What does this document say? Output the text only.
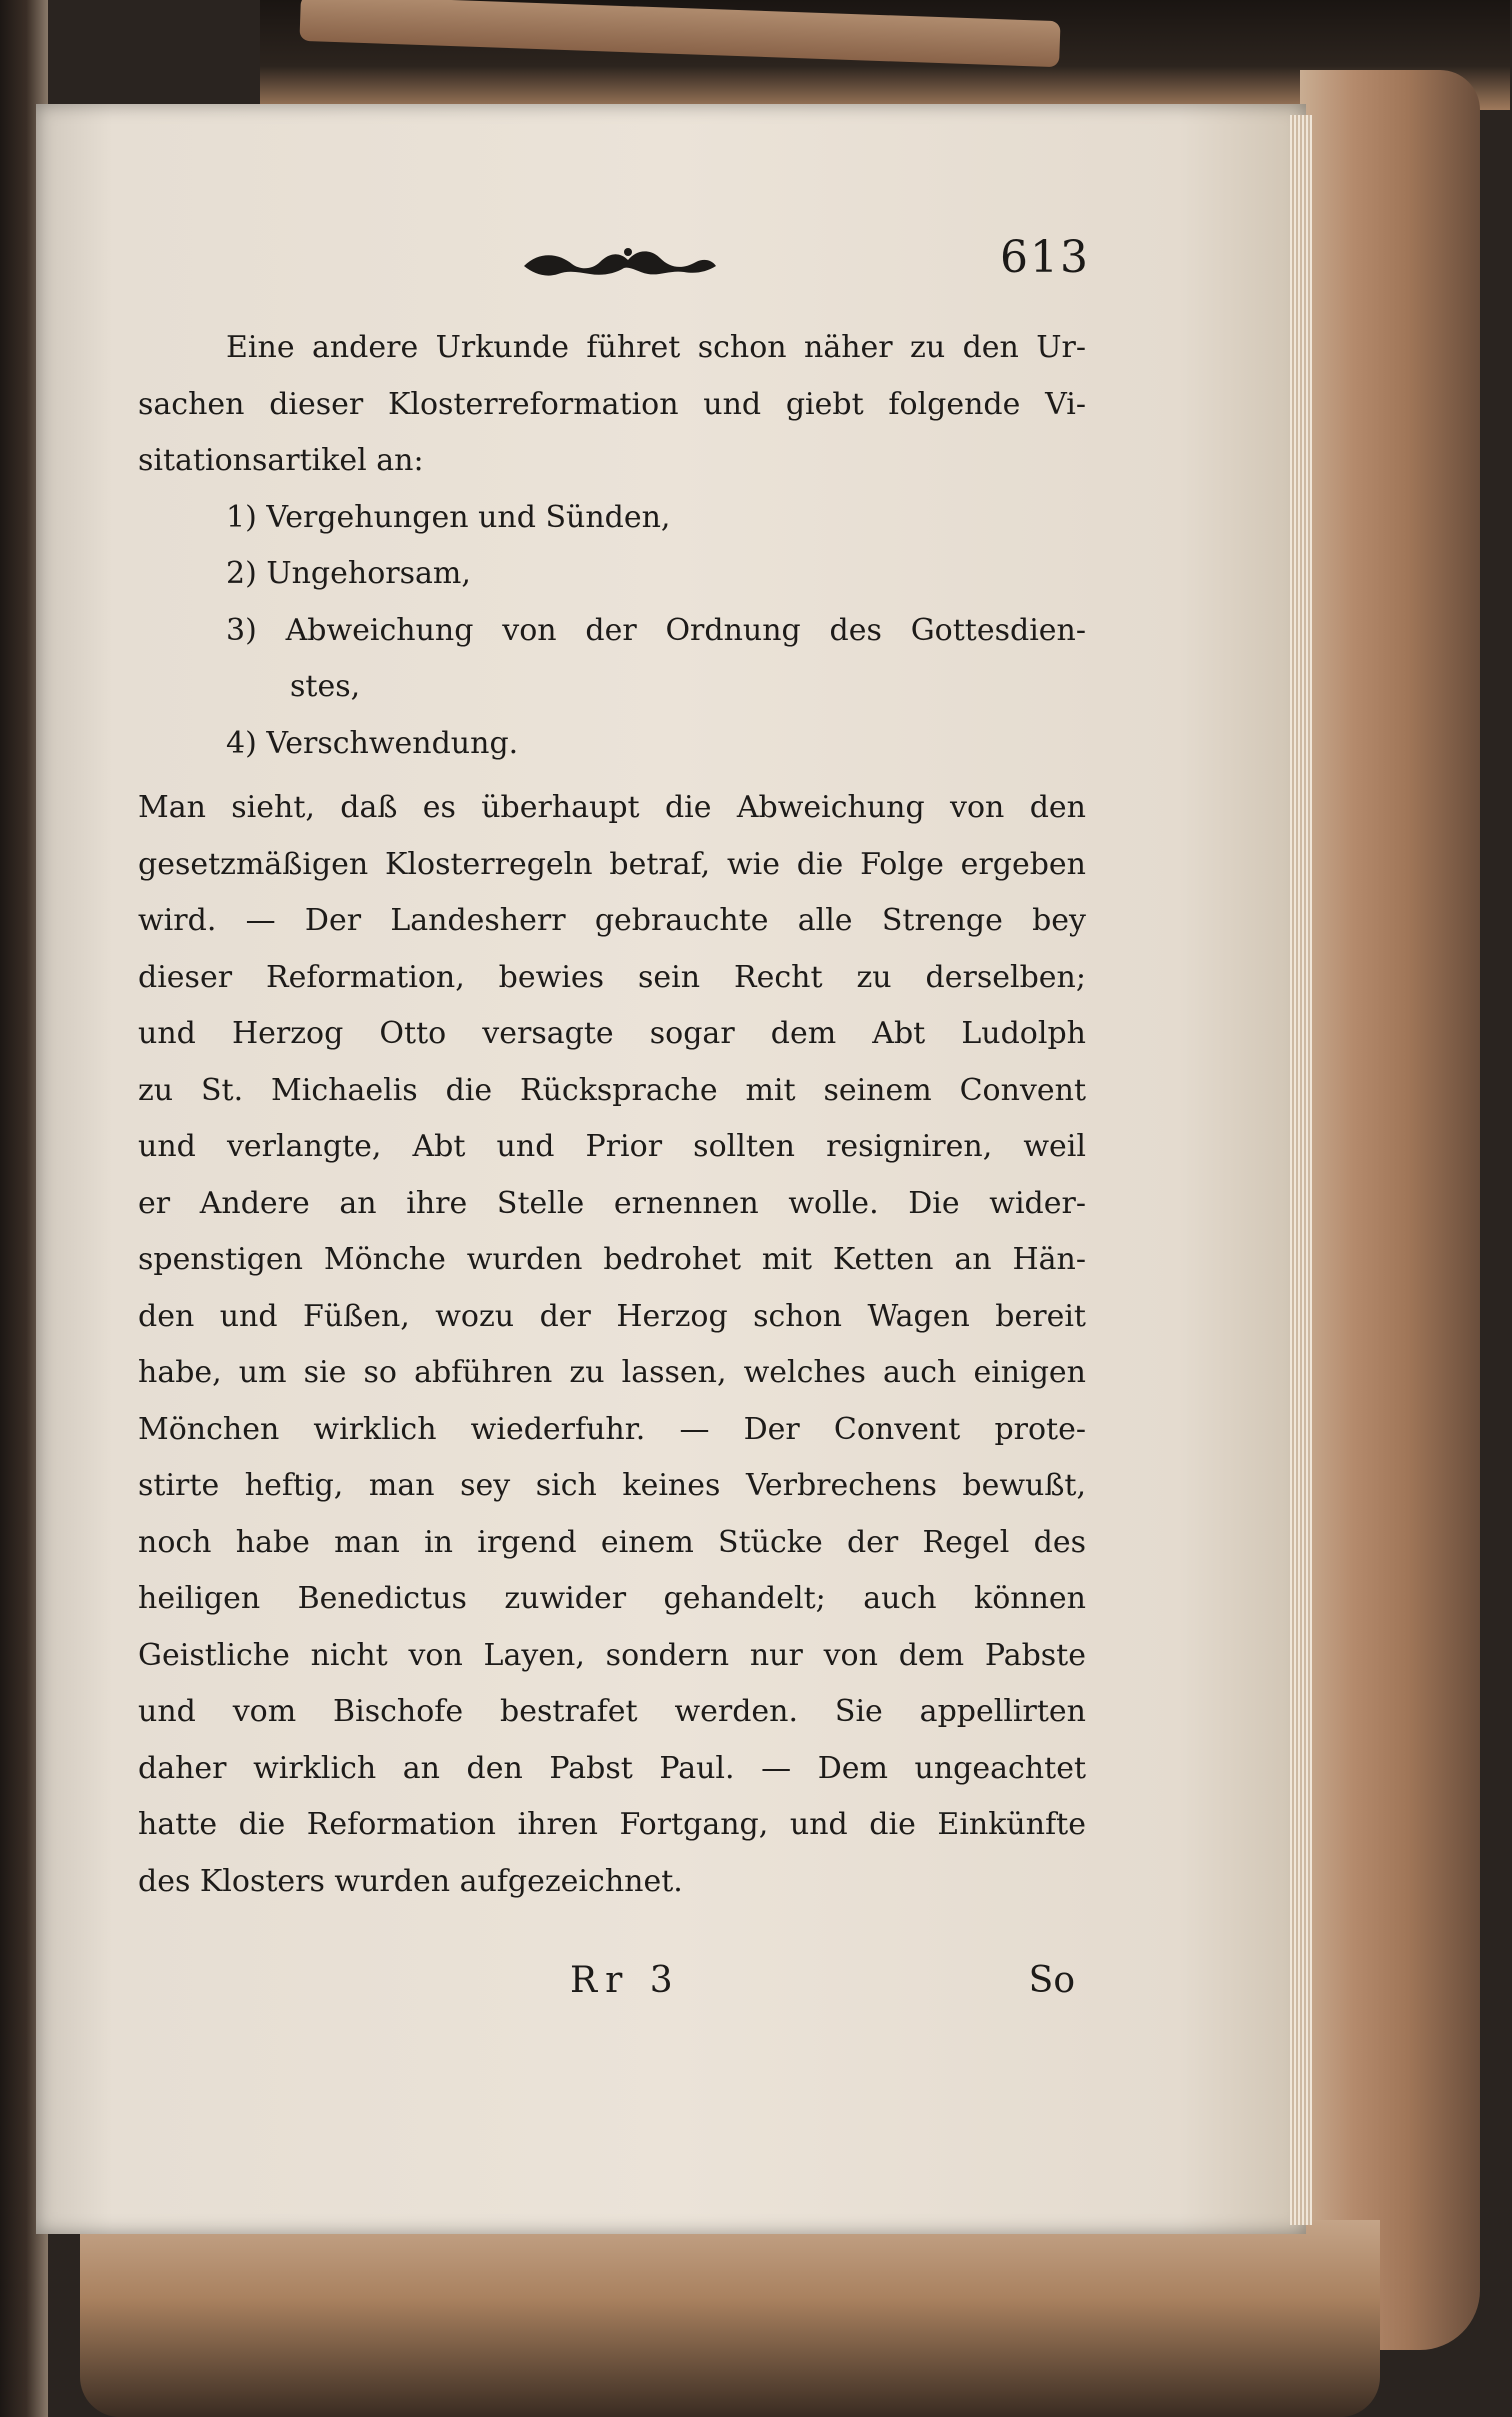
613
Eine andere Urkunde führet schon näher zu den Ur-
sachen dieser Klosterreformation und giebt folgende Vi-
sitationsartikel an:
1) Vergehungen und Sünden,
2) Ungehorsam,
3) Abweichung von der Ordnung des Gottesdien-
stes,
4) Verschwendung.
Man sieht, daß es überhaupt die Abweichung von den
gesetzmäßigen Klosterregeln betraf, wie die Folge ergeben
wird. — Der Landesherr gebrauchte alle Strenge bey
dieser Reformation, bewies sein Recht zu derselben;
und Herzog Otto versagte sogar dem Abt Ludolph
zu St. Michaelis die Rücksprache mit seinem Convent
und verlangte, Abt und Prior sollten resigniren, weil
er Andere an ihre Stelle ernennen wolle. Die wider-
spenstigen Mönche wurden bedrohet mit Ketten an Hän-
den und Füßen, wozu der Herzog schon Wagen bereit
habe, um sie so abführen zu lassen, welches auch einigen
Mönchen wirklich wiederfuhr. — Der Convent prote-
stirte heftig, man sey sich keines Verbrechens bewußt,
noch habe man in irgend einem Stücke der Regel des
heiligen Benedictus zuwider gehandelt; auch können
Geistliche nicht von Layen, sondern nur von dem Pabste
und vom Bischofe bestrafet werden. Sie appellirten
daher wirklich an den Pabst Paul. — Dem ungeachtet
hatte die Reformation ihren Fortgang, und die Einkünfte
des Klosters wurden aufgezeichnet.
Rr 3	So
